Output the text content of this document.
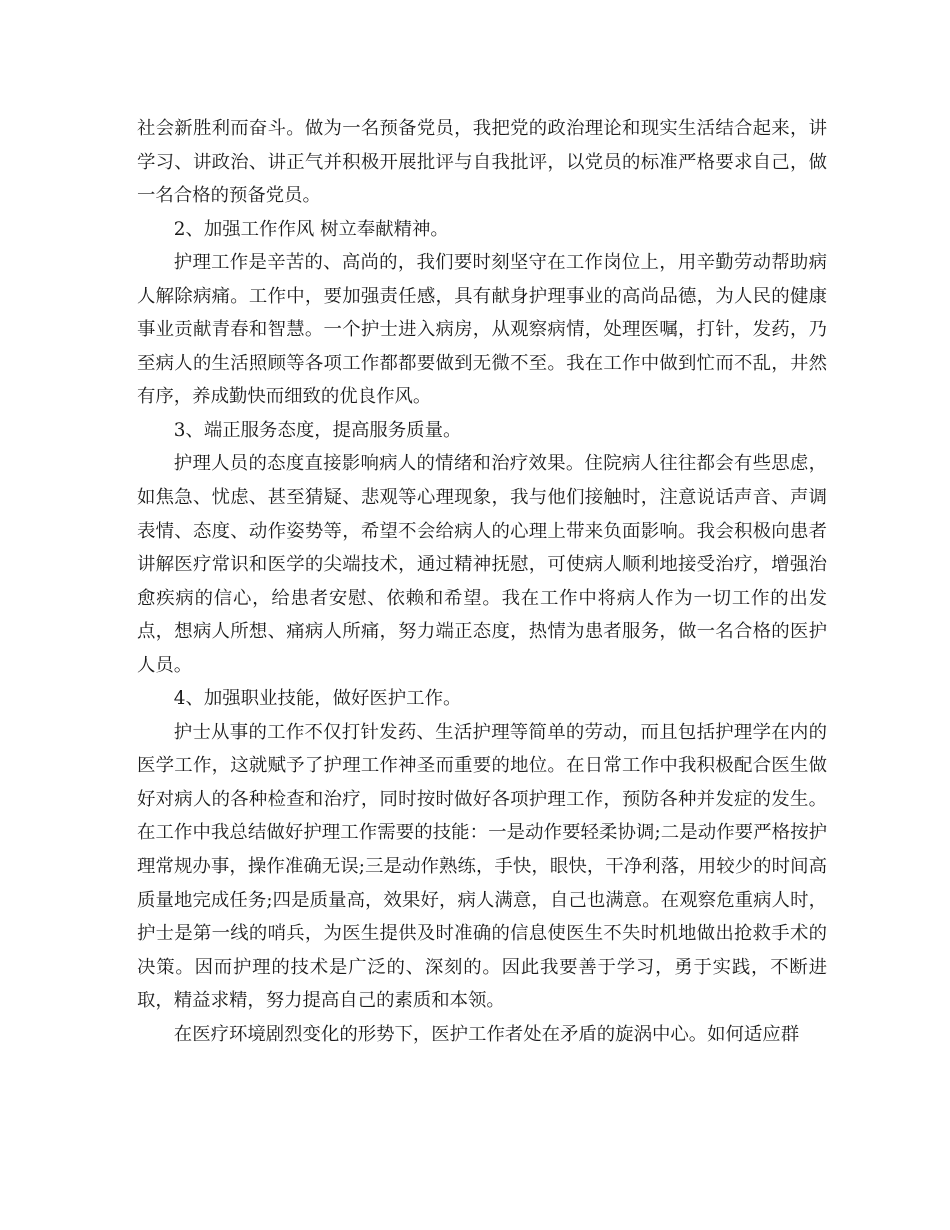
社会新胜利而奋斗。做为一名预备党员，我把党的政治理论和现实生活结合起来，讲学习、讲政治、讲正气并积极开展批评与自我批评，以党员的标准严格要求自己，做一名合格的预备党员。

2、加强工作作风 树立奉献精神。

护理工作是辛苦的、高尚的，我们要时刻坚守在工作岗位上，用辛勤劳动帮助病人解除病痛。工作中，要加强责任感，具有献身护理事业的高尚品德，为人民的健康事业贡献青春和智慧。一个护士进入病房，从观察病情，处理医嘱，打针，发药，乃至病人的生活照顾等各项工作都都要做到无微不至。我在工作中做到忙而不乱，井然有序，养成勤快而细致的优良作风。

3、端正服务态度，提高服务质量。

护理人员的态度直接影响病人的情绪和治疗效果。住院病人往往都会有些思虑，如焦急、忧虑、甚至猜疑、悲观等心理现象，我与他们接触时，注意说话声音、声调表情、态度、动作姿势等，希望不会给病人的心理上带来负面影响。我会积极向患者讲解医疗常识和医学的尖端技术，通过精神抚慰，可使病人顺利地接受治疗，增强治愈疾病的信心，给患者安慰、依赖和希望。我在工作中将病人作为一切工作的出发点，想病人所想、痛病人所痛，努力端正态度，热情为患者服务，做一名合格的医护人员。

4、加强职业技能，做好医护工作。

护士从事的工作不仅打针发药、生活护理等简单的劳动，而且包括护理学在内的医学工作，这就赋予了护理工作神圣而重要的地位。在日常工作中我积极配合医生做好对病人的各种检查和治疗，同时按时做好各项护理工作，预防各种并发症的发生。在工作中我总结做好护理工作需要的技能：一是动作要轻柔协调;二是动作要严格按护理常规办事，操作准确无误;三是动作熟练，手快，眼快，干净利落，用较少的时间高质量地完成任务;四是质量高，效果好，病人满意，自己也满意。在观察危重病人时， 护士是第一线的哨兵，为医生提供及时准确的信息使医生不失时机地做出抢救手术的决策。因而护理的技术是广泛的、深刻的。因此我要善于学习，勇于实践，不断进取，精益求精，努力提高自己的素质和本领。

在医疗环境剧烈变化的形势下，医护工作者处在矛盾的旋涡中心。如何适应群
